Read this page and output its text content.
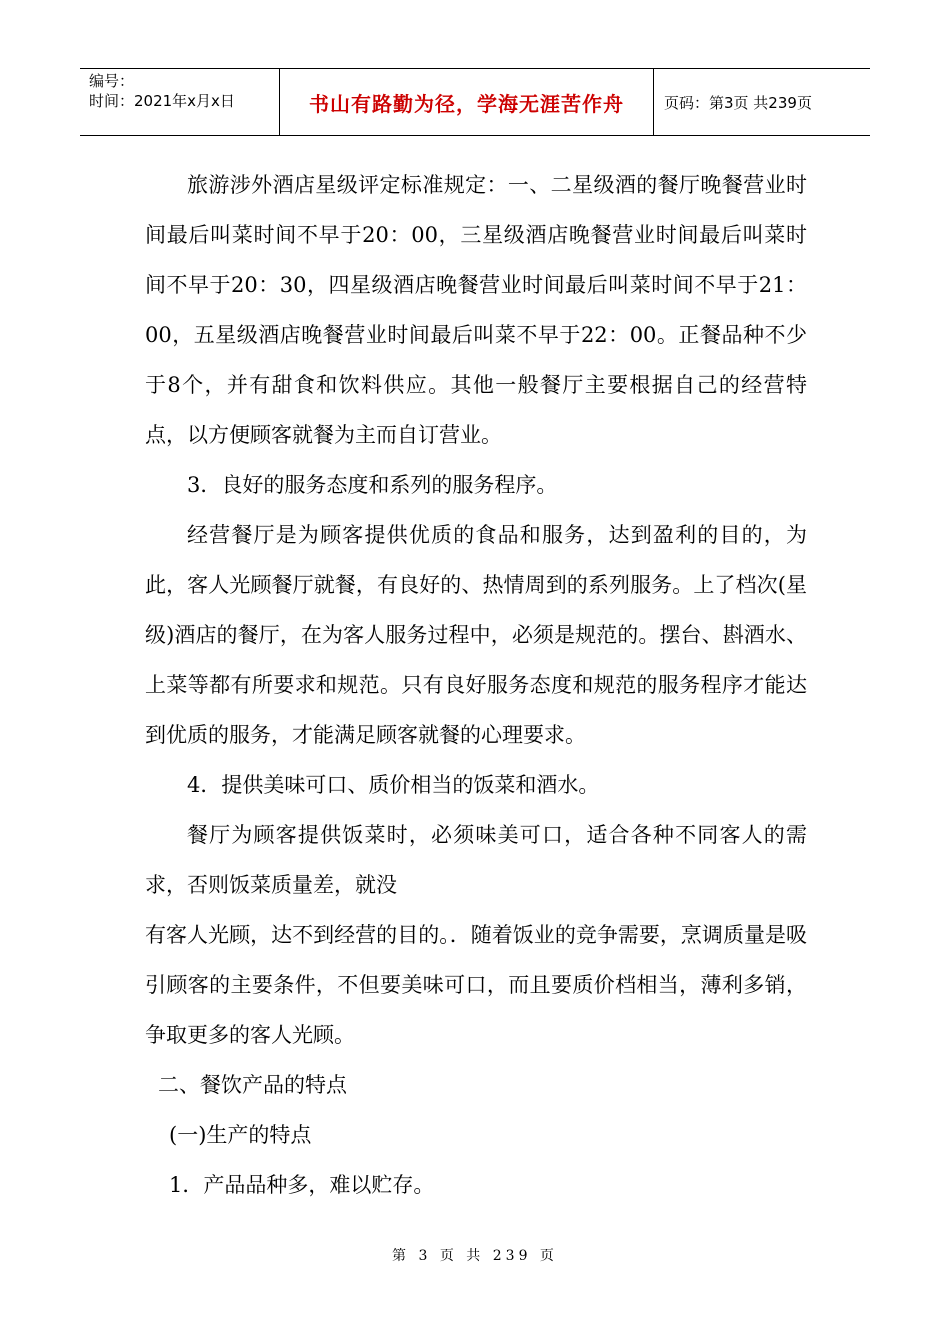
编号：
时间：2021年x月x日	书山有路勤为径，学海无涯苦作舟	页码：第3页 共239页

旅游涉外酒店星级评定标准规定：一、二星级酒的餐厅晚餐营业时间最后叫菜时间不早于20：00，三星级酒店晚餐营业时间最后叫菜时间不早于20：30，四星级酒店晚餐营业时间最后叫菜时间不早于21：00，五星级酒店晚餐营业时间最后叫菜不早于22：00。正餐品种不少于8个，并有甜食和饮料供应。其他一般餐厅主要根据自己的经营特点，以方便顾客就餐为主而自订营业。

3．良好的服务态度和系列的服务程序。

经营餐厅是为顾客提供优质的食品和服务，达到盈利的目的，为此，客人光顾餐厅就餐，有良好的、热情周到的系列服务。上了档次(星级)酒店的餐厅，在为客人服务过程中，必须是规范的。摆台、斟酒水、上菜等都有所要求和规范。只有良好服务态度和规范的服务程序才能达到优质的服务，才能满足顾客就餐的心理要求。

4．提供美味可口、质价相当的饭菜和酒水。

餐厅为顾客提供饭菜时，必须味美可口，适合各种不同客人的需求，否则饭菜质量差，就没

有客人光顾，达不到经营的目的。．随着饭业的竞争需要，烹调质量是吸引顾客的主要条件，不但要美味可口，而且要质价档相当，薄利多销，争取更多的客人光顾。

二、餐饮产品的特点

(一)生产的特点

1．产品品种多，难以贮存。

第 3 页 共 239 页
